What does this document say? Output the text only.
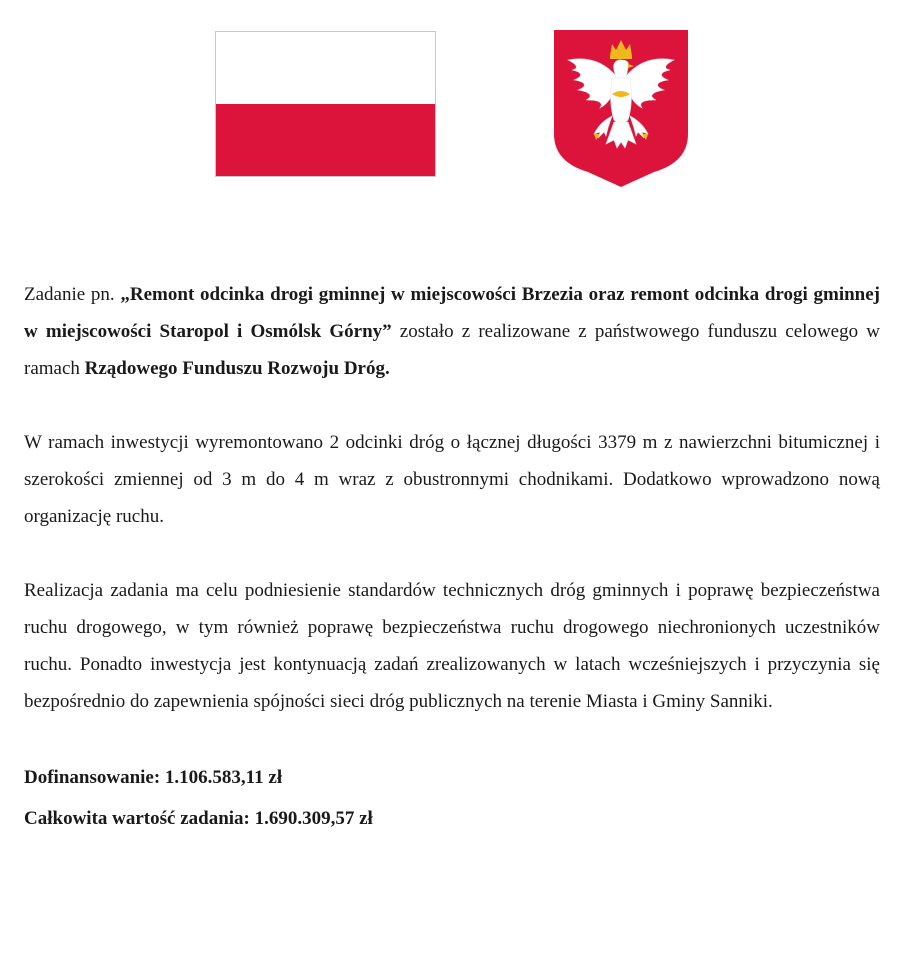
Zadanie pn. „Remont odcinka drogi gminnej w miejscowości Brzezia oraz remont odcinka drogi gminnej w miejscowości Staropol i Osmólsk Górny” zostało z realizowane z państwowego funduszu celowego w ramach Rządowego Funduszu Rozwoju Dróg.

W ramach inwestycji wyremontowano 2 odcinki dróg o łącznej długości 3379 m z nawierzchni bitumicznej i szerokości zmiennej od 3 m do 4 m wraz z obustronnymi chodnikami. Dodatkowo wprowadzono nową organizację ruchu.

Realizacja zadania ma celu podniesienie standardów technicznych dróg gminnych i poprawę bezpieczeństwa ruchu drogowego, w tym również poprawę bezpieczeństwa ruchu drogowego niechronionych uczestników ruchu. Ponadto inwestycja jest kontynuacją zadań zrealizowanych w latach wcześniejszych i przyczynia się bezpośrednio do zapewnienia spójności sieci dróg publicznych na terenie Miasta i Gminy Sanniki.

Dofinansowanie: 1.106.583,11 zł
Całkowita wartość zadania: 1.690.309,57 zł
